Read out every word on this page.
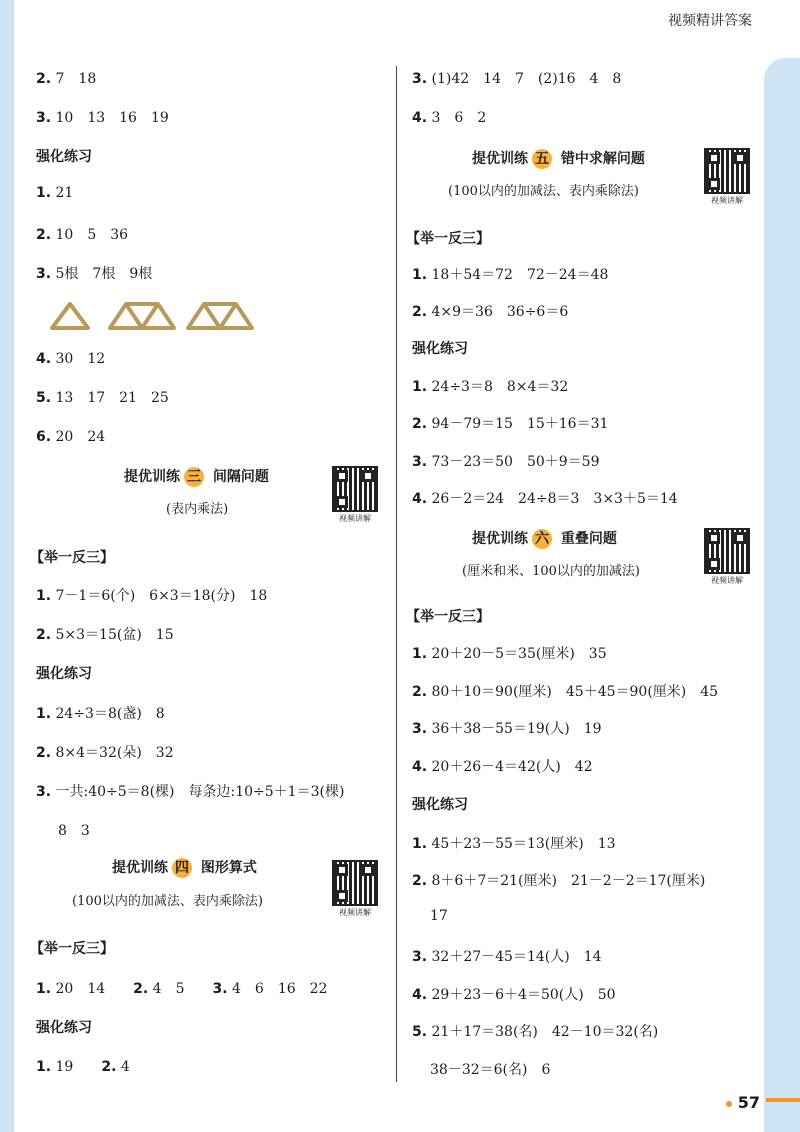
视频精讲答案
2. 7　18
3. 10　13　16　19
强化练习
1. 21
2. 10　5　36
3. 5根　7根　9根
4. 30　12
5. 13　17　21　25
6. 20　24
提优训练 三 间隔问题
(表内乘法)
视频讲解
【举一反三】
1. 7－1＝6(个)　6×3＝18(分)　18
2. 5×3＝15(盆)　15
强化练习
1. 24÷3＝8(盏)　8
2. 8×4＝32(朵)　32
3. 一共:40÷5＝8(棵)　每条边:10÷5＋1＝3(棵)
8　3
提优训练 四 图形算式
(100以内的加减法、表内乘除法)
视频讲解
【举一反三】
1. 20　14　　 2. 4　5　　 3. 4　6　16　22
强化练习
1. 19　　 2. 4
3. (1)42　14　7　(2)16　4　8
4. 3　6　2
提优训练 五 错中求解问题
(100以内的加减法、表内乘除法)
视频讲解
【举一反三】
1. 18＋54＝72　72－24＝48
2. 4×9＝36　36÷6＝6
强化练习
1. 24÷3＝8　8×4＝32
2. 94－79＝15　15＋16＝31
3. 73－23＝50　50＋9＝59
4. 26－2＝24　24÷8＝3　3×3＋5＝14
提优训练 六 重叠问题
(厘米和米、100以内的加减法)
视频讲解
【举一反三】
1. 20＋20－5＝35(厘米)　35
2. 80＋10＝90(厘米)　45＋45＝90(厘米)　45
3. 36＋38－55＝19(人)　19
4. 20＋26－4＝42(人)　42
强化练习
1. 45＋23－55＝13(厘米)　13
2. 8＋6＋7＝21(厘米)　21－2－2＝17(厘米)
17
3. 32＋27－45＝14(人)　14
4. 29＋23－6＋4＝50(人)　50
5. 21＋17＝38(名)　42－10＝32(名)
38－32＝6(名)　6
57
